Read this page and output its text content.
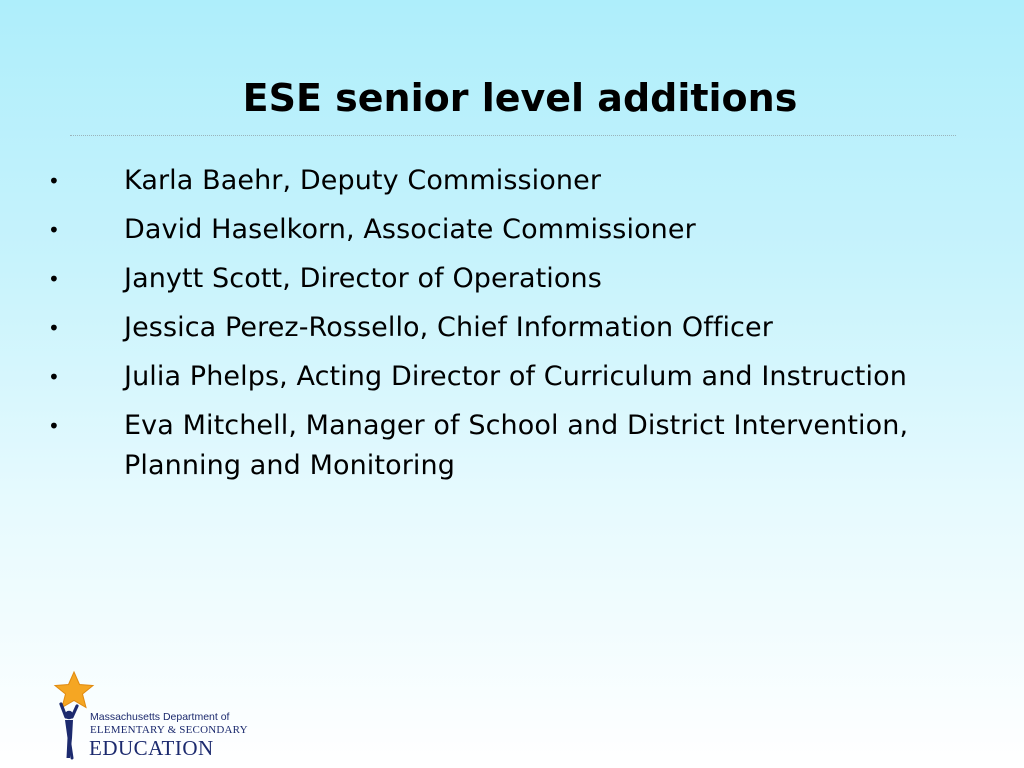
ESE senior level additions
• Karla Baehr, Deputy Commissioner
• David Haselkorn, Associate Commissioner
• Janytt Scott, Director of Operations
• Jessica Perez-Rossello, Chief Information Officer
• Julia Phelps, Acting Director of Curriculum and Instruction
• Eva Mitchell, Manager of School and District Intervention, Planning and Monitoring
Massachusetts Department of
ELEMENTARY & SECONDARY
EDUCATION
